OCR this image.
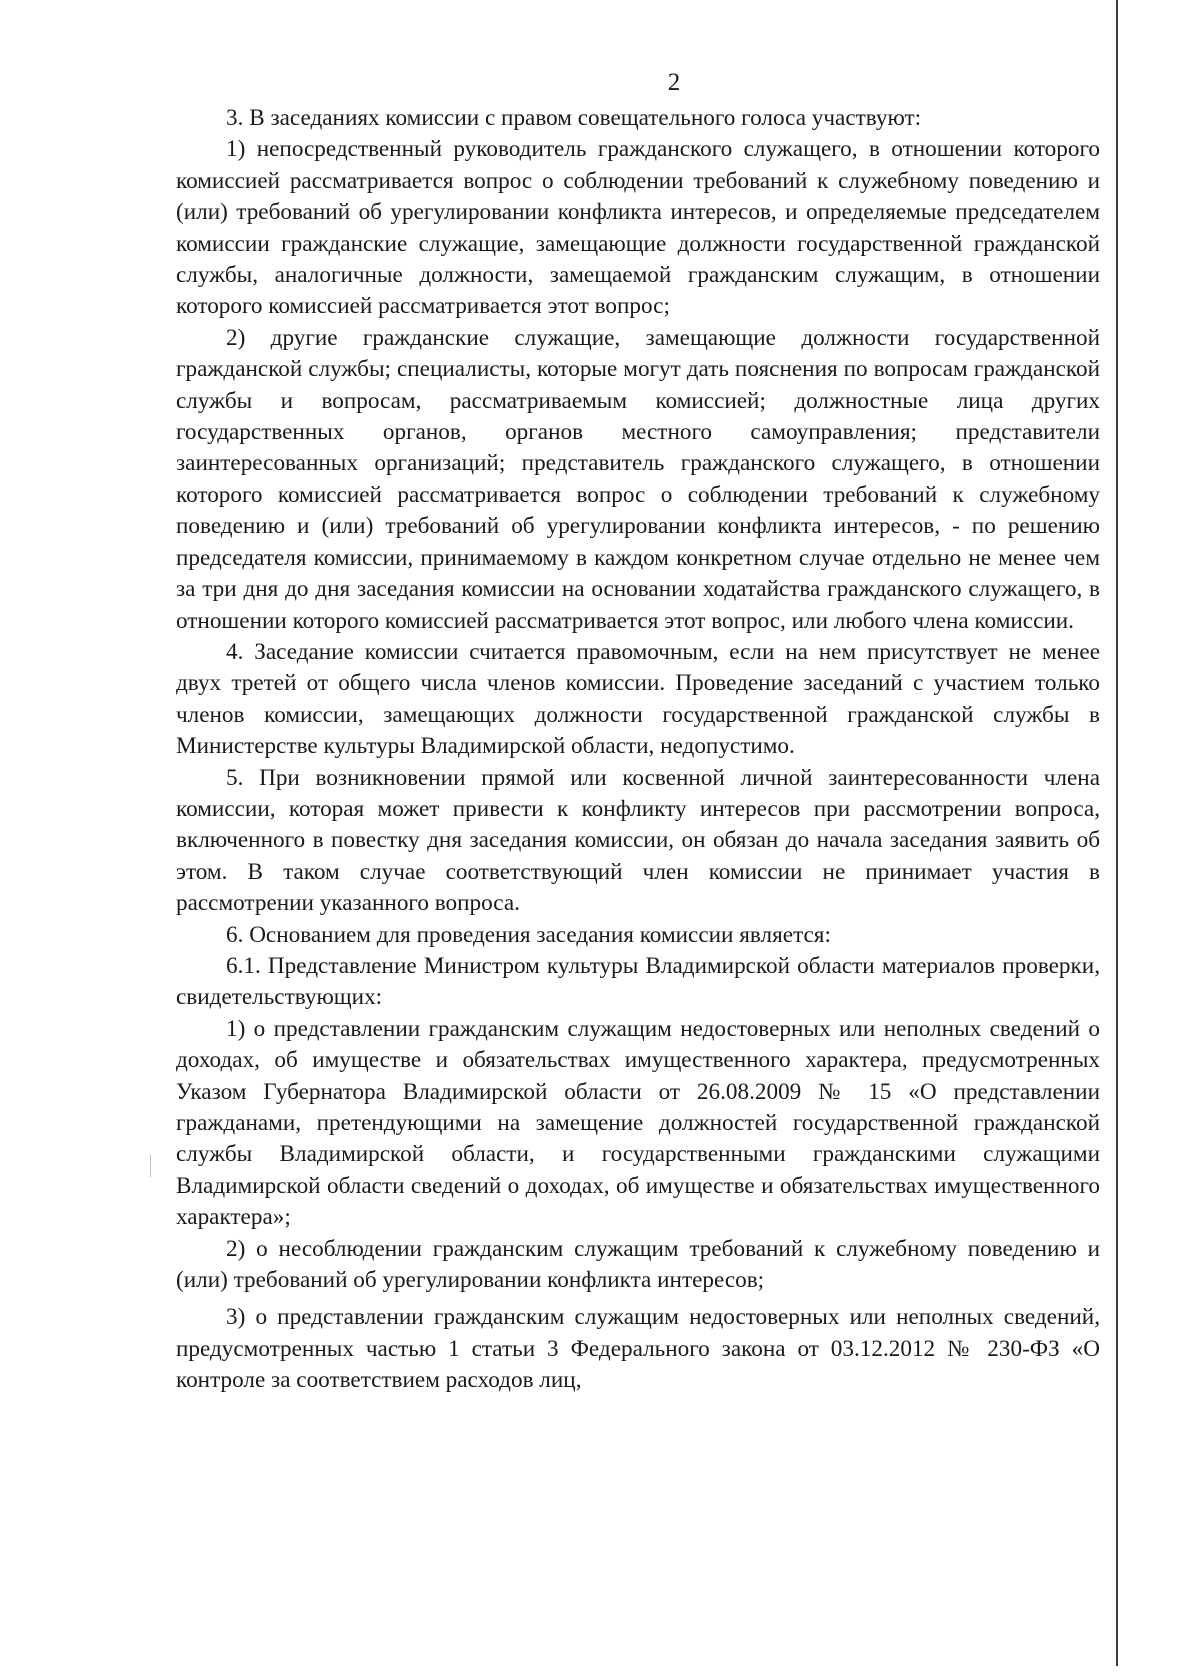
2

3. В заседаниях комиссии с правом совещательного голоса участвуют:

1) непосредственный руководитель гражданского служащего, в отношении которого комиссией рассматривается вопрос о соблюдении требований к служебному поведению и (или) требований об урегулировании конфликта интересов, и определяемые председателем комиссии гражданские служащие, замещающие должности государственной гражданской службы, аналогичные должности, замещаемой гражданским служащим, в отношении которого комиссией рассматривается этот вопрос;

2) другие гражданские служащие, замещающие должности государственной гражданской службы; специалисты, которые могут дать пояснения по вопросам гражданской службы и вопросам, рассматриваемым комиссией; должностные лица других государственных органов, органов местного самоуправления; представители заинтересованных организаций; представитель гражданского служащего, в отношении которого комиссией рассматривается вопрос о соблюдении требований к служебному поведению и (или) требований об урегулировании конфликта интересов, - по решению председателя комиссии, принимаемому в каждом конкретном случае отдельно не менее чем за три дня до дня заседания комиссии на основании ходатайства гражданского служащего, в отношении которого комиссией рассматривается этот вопрос, или любого члена комиссии.

4. Заседание комиссии считается правомочным, если на нем присутствует не менее двух третей от общего числа членов комиссии. Проведение заседаний с участием только членов комиссии, замещающих должности государственной гражданской службы в Министерстве культуры Владимирской области, недопустимо.

5. При возникновении прямой или косвенной личной заинтересованности члена комиссии, которая может привести к конфликту интересов при рассмотрении вопроса, включенного в повестку дня заседания комиссии, он обязан до начала заседания заявить об этом. В таком случае соответствующий член комиссии не принимает участия в рассмотрении указанного вопроса.

6. Основанием для проведения заседания комиссии является:

6.1. Представление Министром культуры Владимирской области материалов проверки, свидетельствующих:

1) о представлении гражданским служащим недостоверных или неполных сведений о доходах, об имуществе и обязательствах имущественного характера, предусмотренных Указом Губернатора Владимирской области от 26.08.2009 № 15 «О представлении гражданами, претендующими на замещение должностей государственной гражданской службы Владимирской области, и государственными гражданскими служащими Владимирской области сведений о доходах, об имуществе и обязательствах имущественного характера»;

2) о несоблюдении гражданским служащим требований к служебному поведению и (или) требований об урегулировании конфликта интересов;

3) о представлении гражданским служащим недостоверных или неполных сведений, предусмотренных частью 1 статьи 3 Федерального закона от 03.12.2012 № 230-ФЗ «О контроле за соответствием расходов лиц,
